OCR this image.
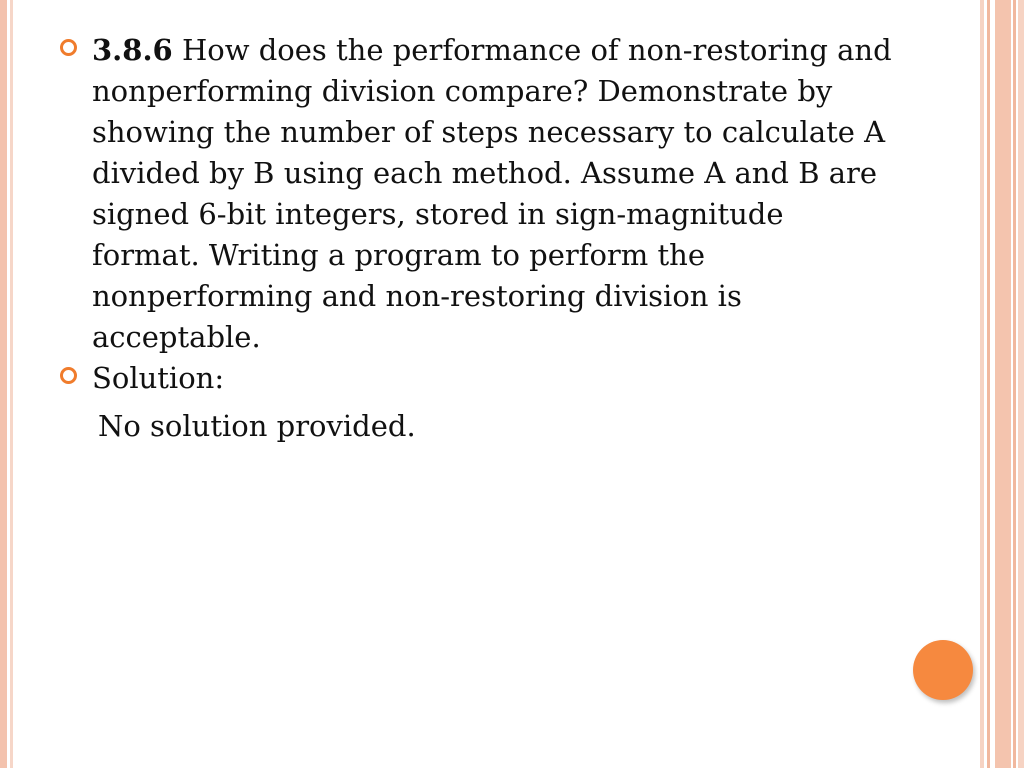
3.8.6 How does the performance of non-restoring and nonperforming division compare? Demonstrate by showing the number of steps necessary to calculate A divided by B using each method. Assume A and B are signed 6-bit integers, stored in sign-magnitude format. Writing a program to perform the nonperforming and non-restoring division is acceptable.
Solution:
No solution provided.
